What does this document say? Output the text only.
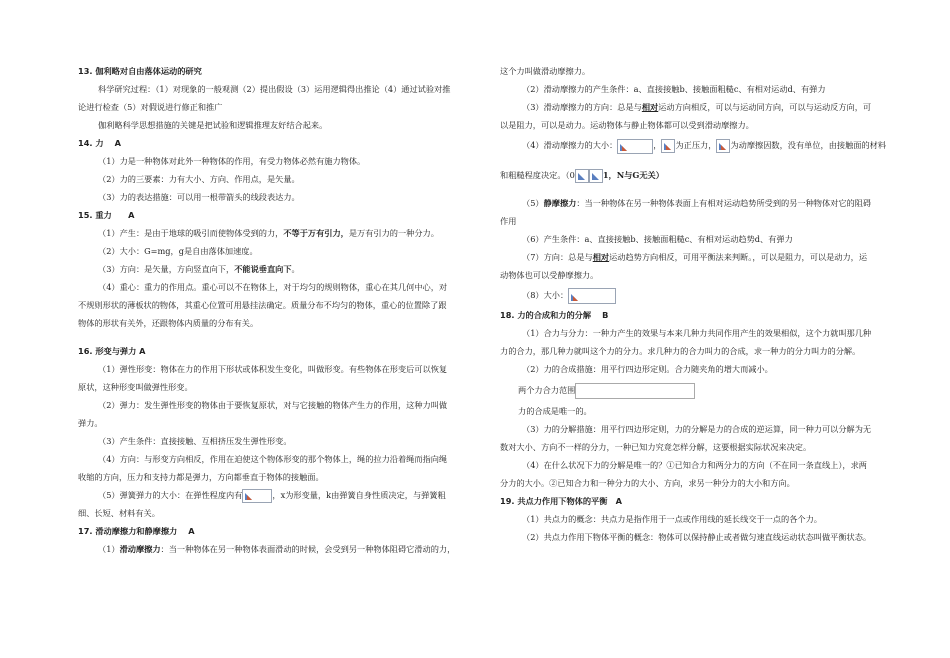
13. 伽利略对自由落体运动的研究
科学研究过程：（1）对现象的一般观测（2）提出假设（3）运用逻辑得出推论（4）通过试验对推
论进行检查（5）对假说进行修正和推广
伽利略科学思想措施的关键是把试验和逻辑推理友好结合起来。
14. 力　 A
（1）力是一种物体对此外一种物体的作用，有受力物体必然有施力物体。
（2）力的三要素：力有大小、方向、作用点，是矢量。
（3）力的表达措施：可以用一根带箭头的线段表达力。
15. 重力　　A
（1）产生：是由于地球的吸引而使物体受到的力，不等于万有引力，是万有引力的一种分力。
（2）大小：G=mg，g是自由落体加速度。
（3）方向：是矢量，方向竖直向下，不能说垂直向下。
（4）重心：重力的作用点。重心可以不在物体上，对于均匀的规则物体，重心在其几何中心，对
不规则形状的薄板状的物体，其重心位置可用悬挂法确定。质量分布不均匀的物体，重心的位置除了跟
物体的形状有关外，还跟物体内质量的分布有关。
16. 形变与弹力 A
（1）弹性形变：物体在力的作用下形状或体积发生变化，叫做形变。有些物体在形变后可以恢复
原状，这种形变叫做弹性形变。
（2）弹力：发生弹性形变的物体由于要恢复原状，对与它接触的物体产生力的作用，这种力叫做
弹力。
（3）产生条件：直接接触、互相挤压发生弹性形变。
（4）方向：与形变方向相反，作用在迫使这个物体形变的那个物体上，绳的拉力沿着绳而指向绳
收缩的方向，压力和支持力都是弹力，方向都垂直于物体的接触面。
（5）弹簧弹力的大小：在弹性程度内有	，x为形变量，k由弹簧自身性质决定，与弹簧粗
细、长短、材料有关。
17. 滑动摩擦力和静摩擦力　 A
（1）滑动摩擦力：当一种物体在另一种物体表面滑动的时候，会受到另一种物体阻碍它滑动的力，
这个力叫做滑动摩擦力。
（2）滑动摩擦力的产生条件：a、直接接触b、接触面粗糙c、有相对运动d、有弹力
（3）滑动摩擦力的方向：总是与相对运动方向相反，可以与运动同方向，可以与运动反方向，可
以是阻力，可以是动力。运动物体与静止物体都可以受到滑动摩擦力。
（4）滑动摩擦力的大小：	， 为正压力， 为动摩擦因数，没有单位，由接触面的材料
和粗糙程度决定。（0	1，N与G无关）
（5）静摩擦力：当一种物体在另一种物体表面上有相对运动趋势所受到的另一种物体对它的阻碍
作用
（6）产生条件：a、直接接触b、接触面粗糙c、有相对运动趋势d、有弹力
（7）方向：总是与相对运动趋势方向相反，可用平衡法来判断。，可以是阻力，可以是动力，运
动物体也可以受静摩擦力。
（8）大小：
18. 力的合成和力的分解　 B
（1）合力与分力：一种力产生的效果与本来几种力共同作用产生的效果相似，这个力就叫那几种
力的合力，那几种力就叫这个力的分力。求几种力的合力叫力的合成，求一种力的分力叫力的分解。
（2）力的合成措施：用平行四边形定则。合力随夹角的增大而减小。
两个力合力范围
力的合成是唯一的。
（3）力的分解措施：用平行四边形定则，力的分解是力的合成的逆运算，同一种力可以分解为无
数对大小、方向不一样的分力，一种已知力究竟怎样分解，这要根据实际状况来决定。
（4）在什么状况下力的分解是唯一的？①已知合力和两分力的方向（不在同一条直线上），求两
分力的大小。②已知合力和一种分力的大小、方向，求另一种分力的大小和方向。
19. 共点力作用下物体的平衡　A
（1）共点力的概念：共点力是指作用于一点或作用线的延长线交于一点的各个力。
（2）共点力作用下物体平衡的概念：物体可以保持静止或者做匀速直线运动状态叫做平衡状态。
